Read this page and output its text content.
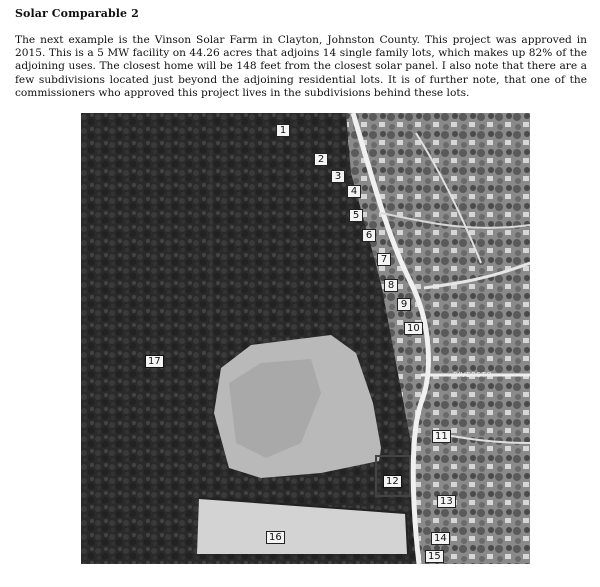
Solar Comparable 2
The next example is the Vinson Solar Farm in Clayton, Johnston County. This project was approved in 2015. This is a 5 MW facility on 44.26 acres that adjoins 14 single family lots, which makes up 82% of the adjoining uses. The closest home will be 148 feet from the closest solar panel. I also note that there are a few subdivisions located just beyond the adjoining residential lots. It is of further note, that one of the commissioners who approved this project lives in the subdivisions behind these lots.
RIVERSTO
1
2
3
4
5
6
7
8
9
10
11
12
13
14
15
16
17
